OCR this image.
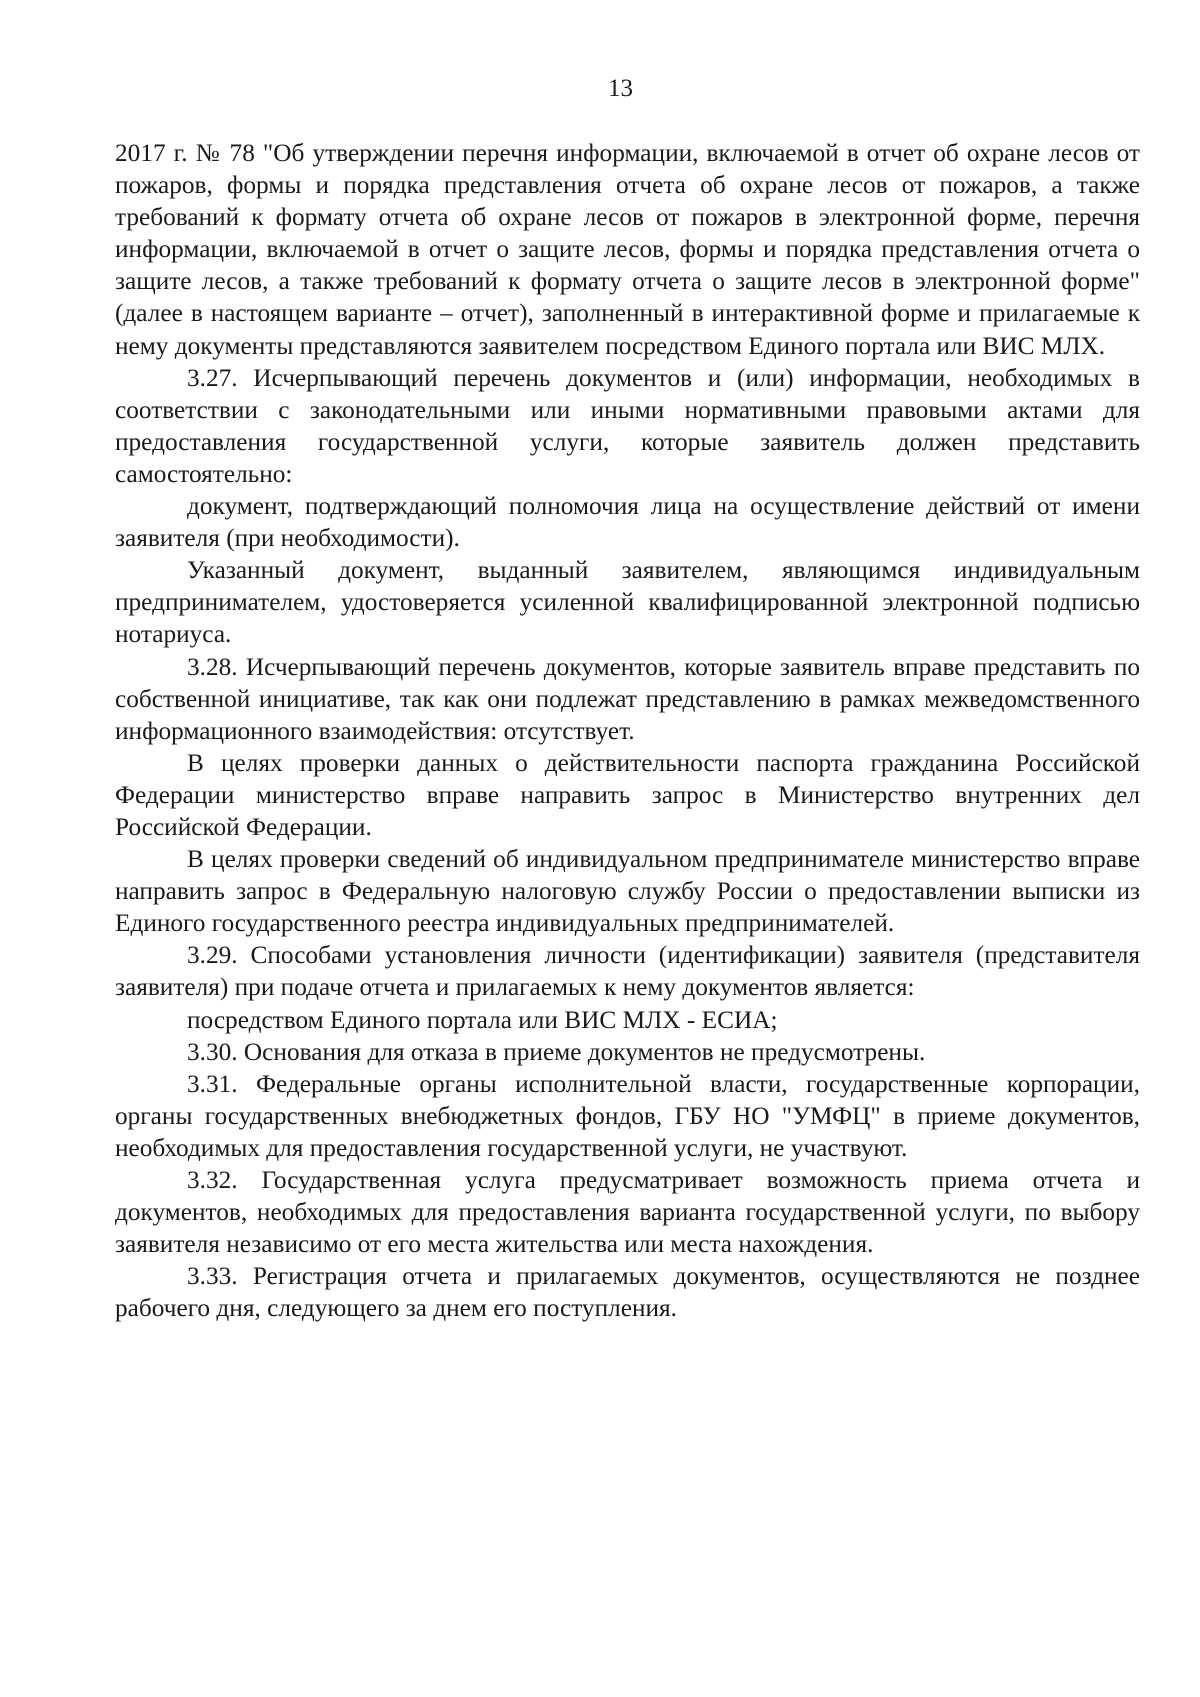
13

2017 г. № 78 "Об утверждении перечня информации, включаемой в отчет об охране лесов от пожаров, формы и порядка представления отчета об охране лесов от пожаров, а также требований к формату отчета об охране лесов от пожаров в электронной форме, перечня информации, включаемой в отчет о защите лесов, формы и порядка представления отчета о защите лесов, а также требований к формату отчета о защите лесов в электронной форме" (далее в настоящем варианте – отчет), заполненный в интерактивной форме и прилагаемые к нему документы представляются заявителем посредством Единого портала или ВИС МЛХ.

3.27. Исчерпывающий перечень документов и (или) информации, необходимых в соответствии с законодательными или иными нормативными правовыми актами для предоставления государственной услуги, которые заявитель должен представить самостоятельно:

документ, подтверждающий полномочия лица на осуществление действий от имени заявителя (при необходимости).

Указанный документ, выданный заявителем, являющимся индивидуальным предпринимателем, удостоверяется усиленной квалифицированной электронной подписью нотариуса.

3.28. Исчерпывающий перечень документов, которые заявитель вправе представить по собственной инициативе, так как они подлежат представлению в рамках межведомственного информационного взаимодействия: отсутствует.

В целях проверки данных о действительности паспорта гражданина Российской Федерации министерство вправе направить запрос в Министерство внутренних дел Российской Федерации.

В целях проверки сведений об индивидуальном предпринимателе министерство вправе направить запрос в Федеральную налоговую службу России о предоставлении выписки из Единого государственного реестра индивидуальных предпринимателей.

3.29. Способами установления личности (идентификации) заявителя (представителя заявителя) при подаче отчета и прилагаемых к нему документов является:

посредством Единого портала или ВИС МЛХ - ЕСИА;

3.30. Основания для отказа в приеме документов не предусмотрены.

3.31. Федеральные органы исполнительной власти, государственные корпорации, органы государственных внебюджетных фондов, ГБУ НО "УМФЦ" в приеме документов, необходимых для предоставления государственной услуги, не участвуют.

3.32. Государственная услуга предусматривает возможность приема отчета и документов, необходимых для предоставления варианта государственной услуги, по выбору заявителя независимо от его места жительства или места нахождения.

3.33. Регистрация отчета и прилагаемых документов, осуществляются не позднее рабочего дня, следующего за днем его поступления.
